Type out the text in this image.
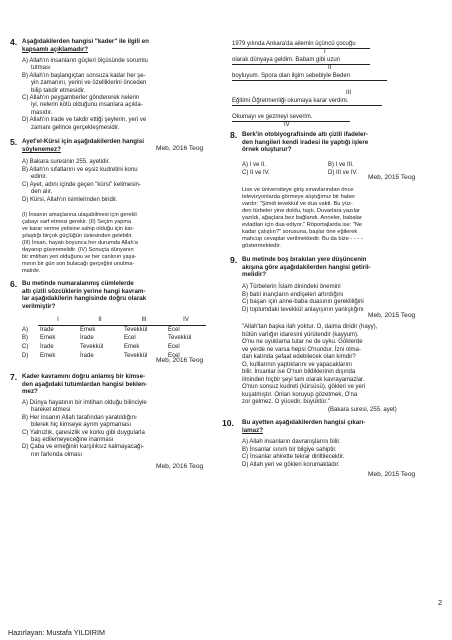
4. Aşağıdakilerden hangisi "kader" ile ilgili en
kapsamlı açıklamadır?
A) Allah'ın insanların güçleri ölçüsünde sorumlu
tutması
B) Allah'ın başlangıçtan sonsuza kadar her şe-
yin zamanını, yerini ve özelliklerini önceden
bilip takdir etmesidir.
C) Allah'ın peygamberler göndererek nelerin
iyi, nelerin kötü olduğunu insanlara açıkla-
masıdır.
D) Allah'ın irade ve takdir ettiği şeylerin, yeri ve
zamanı gelince gerçekleşmesidir.
5. Ayet'el-Kürsi için aşağıdakilerden hangisi
söylenemez?	Meb, 2016 Teog
A) Bakara suresinin 255. ayetidir.
B) Allah'ın sıfatlarını ve eşsiz kudretini konu
edinir.
C) Ayet, adını içinde geçen "kürsi" kelimesin-
den alır.
D) Kürsi, Allah'ın isimlerinden biridir.
(I) İnsanın amaçlarına ulaşabilmesi için gerekli
çabayı sarf etmesi gerekir. (II) Seçim yapma
ve karar verme yetisine sahip olduğu için kar-
şılaştığı birçok güçlüğün üstesinden gelebilir.
(III) İnsan, hayatı boyunca her durumda Allah'a
dayanıp güvenmelidir. (IV) Sonuçta dünyanın
bir imtihan yeri olduğunu ve her canlının yaşa-
mının bir gün son bulacağı gerçeğini unutma-
malıdır.
6. Bu metinde numaralanmış cümlelerde
altı çizili sözcüklerin yerine hangi kavram-
lar aşağıdakilerin hangisinde doğru olarak
verilmiştir?
	I	II	III	IV
A)	İrade	Emek	Tevekkül	Ecel
B)	Emek	İrade	Ecel	Tevekkül
C)	İrade	Tevekkül	Emek	Ecel
D)	Emek	İrade	Tevekkül	Ecel
Meb, 2016 Teog
7. Kader kavramını doğru anlamış bir kimse-
den aşağıdaki tutumlardan hangisi beklen-
mez?
A) Dünya hayatının bir imtihan olduğu bilinciyle
hareket etmesi
B) Her insanın Allah tarafından yaratıldığını
bilerek hiç kimseye ayrım yapmaması
C) Yalnızlık, çaresizlik ve korku gibi duygularla
baş edilemeyeceğine inanması
D) Çaba ve emeğinin karşılıksız kalmayacağı-
nın farkında olması
Meb, 2016 Teog
1979 yılında Ankara'da ailemin üçüncü çocuğu
I
olarak dünyaya geldim. Babam gibi uzun
II
boyluyum. Spora olan ilgim sebebiyle Beden
III
Eğitimi Öğretmenliği okumaya karar verdim.
Okumayı ve gezmeyi severim.
IV
8. Berk'in otobiyografisinde altı çizili ifadeler-
den hangileri kendi iradesi ile yaptığı işlere
örnek oluşturur?
A) I ve II.	B) I ve III.
C) II ve IV.	D) III ve IV.
Meb, 2015 Teog
Lise ve üniversiteye giriş sınavlarından önce
televizyonlarda görmeye alıştığımız bir haber
vardır: "Şimdi tevekkül ve dua vakti. Bu yüz-
den türbeler yine doldu, taştı. Duvarlara yazılar
yazıldı, ağaçlara bez bağlandı. Anneler, babalar
evladları için dua ediyor." Röportajlarda ise: "Ne
kadar çalıştın?" sorusuna, başlar öne eğilerek
mahcup cevaplar verilmektedir. Bu da bize - - - -
göstermektedir.
9. Bu metinde boş bırakılan yere düşüncenin
akışına göre aşağıdakilerden hangisi getiril-
melidir?
A) Türbelerin İslam dinindeki önemini
B) batıl inançların endişeleri artırdığını
C) başarı için anne-baba duasının gerekliliğini
D) toplumdaki tevekkül anlayışının yanlışlığını
Meb, 2015 Teog
"Allah'tan başka ilah yoktur. O, daima diridir (hayy),
bütün varlığın idaresini yürütendir (kayyum).
O'nu ne uyuklama tutar ne de uyku. Göklerde
ve yerde ne varsa hepsi O'nundur. İzni olma-
dan katında şefaat edebilecek olan kimdir?
O, kulllarının yaptıklarını ve yapacaklarını
bilir. İnsanlar ise O'nun bildiklerinin dışında
ilminden hiçbir şeyi tam olarak kavrayamazlar.
O'nun sonsuz kudreti (kürsüsü), gökleri ve yeri
kuşatmıştır. Onları koruyup gözetmek, O'na
zor gelmez. O yücedir, büyüktür."
(Bakara suresi, 255. ayet)
10. Bu ayetten aşağıdakilerden hangisi çıkarı-
lamaz?
A) Allah insanların davranışlarını bilir.
B) İnsanlar sınırlı bir bilgiye sahiptir.
C) İnsanlar ahirette tekrar diriltilecektir.
D) Allah yeri ve gökleri korumaktadır.
Meb, 2015 Teog
Hazırlayan: Mustafa YILDIRIM
2
